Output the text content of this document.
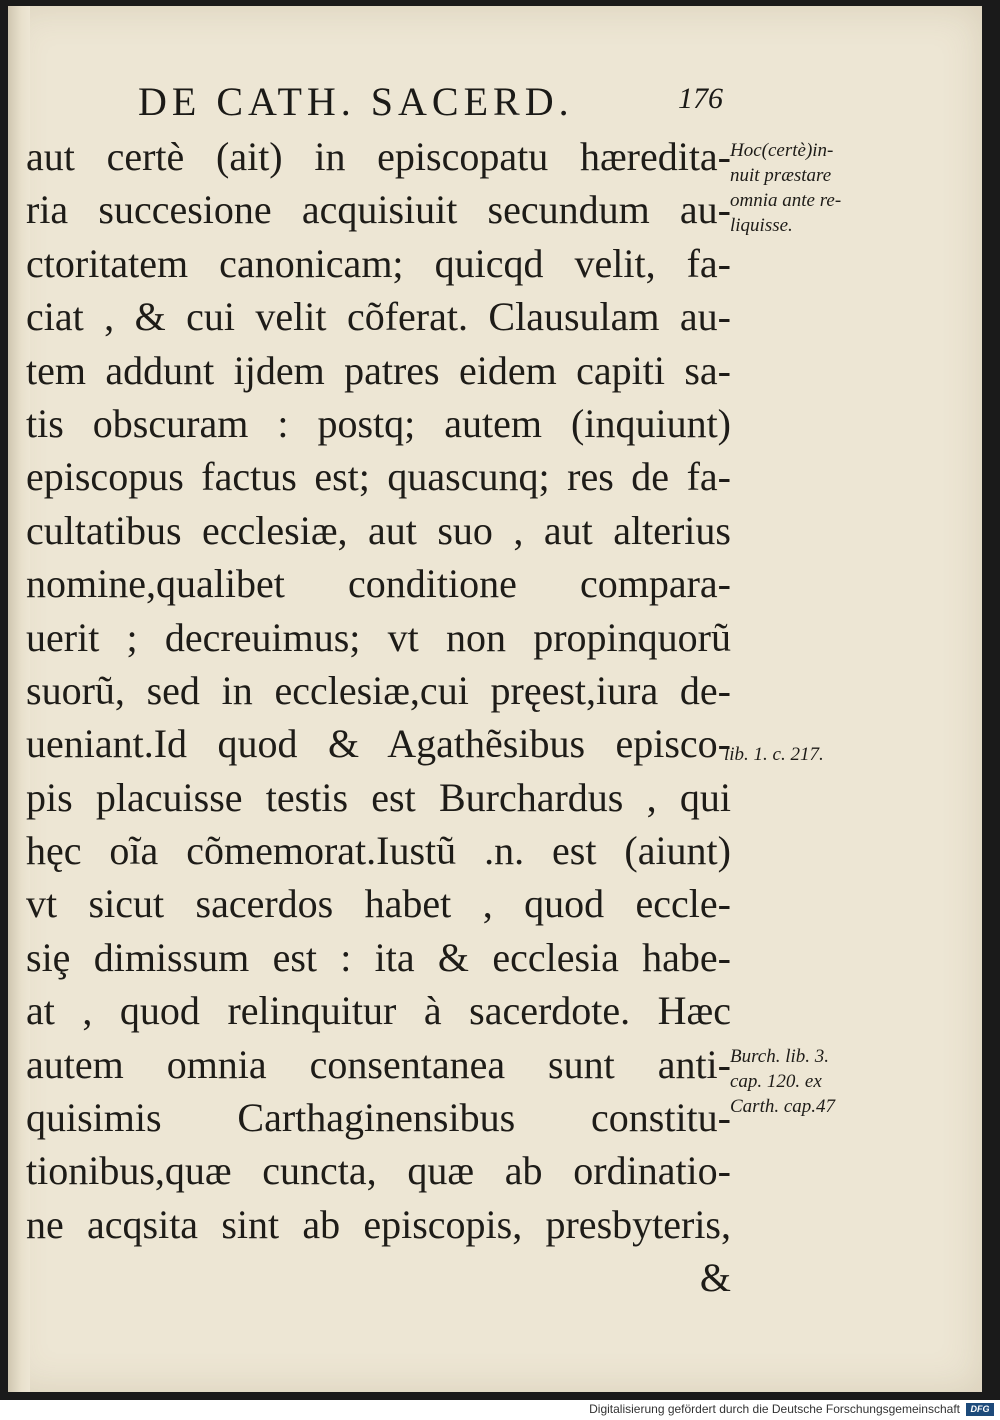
DE CATH. SACERD.	176
aut certè (ait) in episcopatu hæredita-
ria succesione acquisiuit secundum au-
ctoritatem canonicam; quicqd velit, fa-
ciat , & cui velit cõferat. Clausulam au-
tem addunt ijdem patres eidem capiti sa-
tis obscuram : postq; autem (inquiunt)
episcopus factus est; quascunq; res de fa-
cultatibus ecclesiæ, aut suo , aut alterius
nomine,qualibet conditione compara-
uerit ; decreuimus; vt non propinquorũ
suorũ, sed in ecclesiæ,cui pręest,iura de-
ueniant.Id quod & Agathẽsibus episco-
pis placuisse testis est Burchardus , qui
hęc oĩa cõmemorat.Iustũ .n. est (aiunt)
vt sicut sacerdos habet , quod eccle-
siȩ dimissum est : ita & ecclesia habe-
at , quod relinquitur à sacerdote. Hæc
autem omnia consentanea sunt anti-
quisimis Carthaginensibus constitu-
tionibus,quæ cuncta, quæ ab ordinatio-
ne acqsita sint ab episcopis, presbyteris,
&
Hoc(certè)in-
nuit præstare
omnia ante re-
liquisse.
lib. 1. c. 217.
Burch. lib. 3.
cap. 120. ex
Carth. cap.47
Digitalisierung gefördert durch die Deutsche Forschungsgemeinschaft	DFG
